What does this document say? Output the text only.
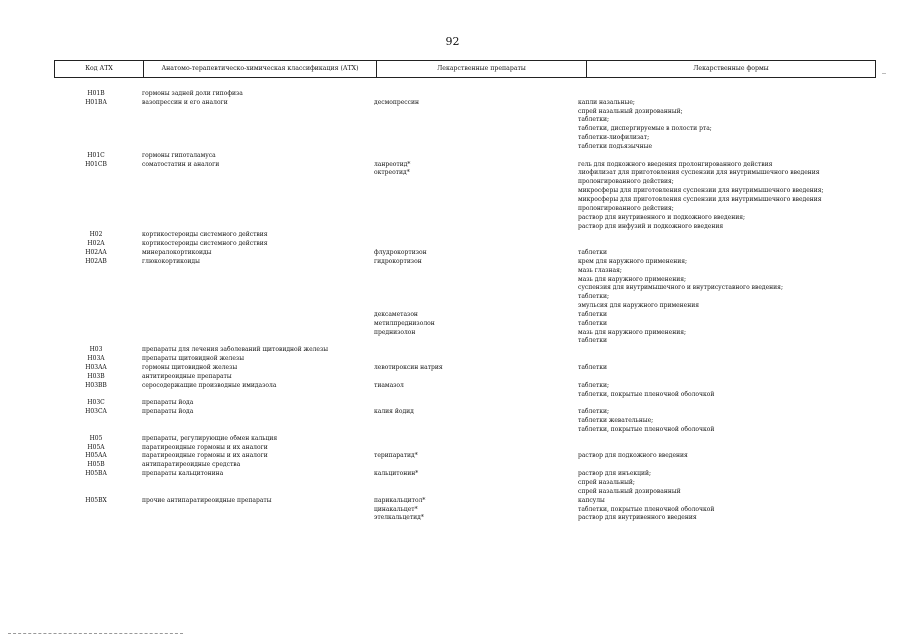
92
Код АТХ	Анатомо-терапевтическо-химическая классификация (АТХ)	Лекарственные препараты	Лекарственные формы
H01B	гормоны задней доли гипофиза
H01BA	вазопрессин и его аналоги	десмопрессин	капли назальные;
спрей назальный дозированный;
таблетки;
таблетки, диспергируемые в полости рта;
таблетки-лиофилизат;
таблетки подъязычные
H01C	гормоны гипоталамуса
H01CB	соматостатин и аналоги	ланреотид*	гель для подкожного введения пролонгированного действия
октреотид*	лиофилизат для приготовления суспензии для внутримышечного введения
пролонгированного действия;
микросферы для приготовления суспензии для внутримышечного введения;
микросферы для приготовления суспензии для внутримышечного введения
пролонгированного действия;
раствор для внутривенного и подкожного введения;
раствор для инфузий и подкожного введения
H02	кортикостероиды системного действия
H02A	кортикостероиды системного действия
H02AA	минералокортикоиды	флудрокортизон	таблетки
H02AB	глюкокортикоиды	гидрокортизон	крем для наружного применения;
мазь глазная;
мазь для наружного применения;
суспензия для внутримышечного и внутрисуставного введения;
таблетки;
эмульсия для наружного применения
дексаметазон	таблетки
метилпреднизолон	таблетки
преднизолон	мазь для наружного применения;
таблетки
H03	препараты для лечения заболеваний щитовидной железы
H03A	препараты щитовидной железы
H03AA	гормоны щитовидной железы	левотироксин натрия	таблетки
H03B	антитиреоидные препараты
H03BB	серосодержащие производные имидазола	тиамазол	таблетки;
таблетки, покрытые пленочной оболочкой
H03C	препараты йода
H03CA	препараты йода	калия йодид	таблетки;
таблетки жевательные;
таблетки, покрытые пленочной оболочкой
H05	препараты, регулирующие обмен кальция
H05A	паратиреоидные гормоны и их аналоги
H05AA	паратиреоидные гормоны и их аналоги	терипаратид*	раствор для подкожного введения
H05B	антипаратиреоидные средства
H05BA	препараты кальцитонина	кальцитонин*	раствор для инъекций;
спрей назальный;
спрей назальный дозированный
H05BX	прочие антипаратиреоидные препараты	парикальцитол*	капсулы
цинакальцет*	таблетки, покрытые пленочной оболочкой
этелкальцетид*	раствор для внутривенного введения
